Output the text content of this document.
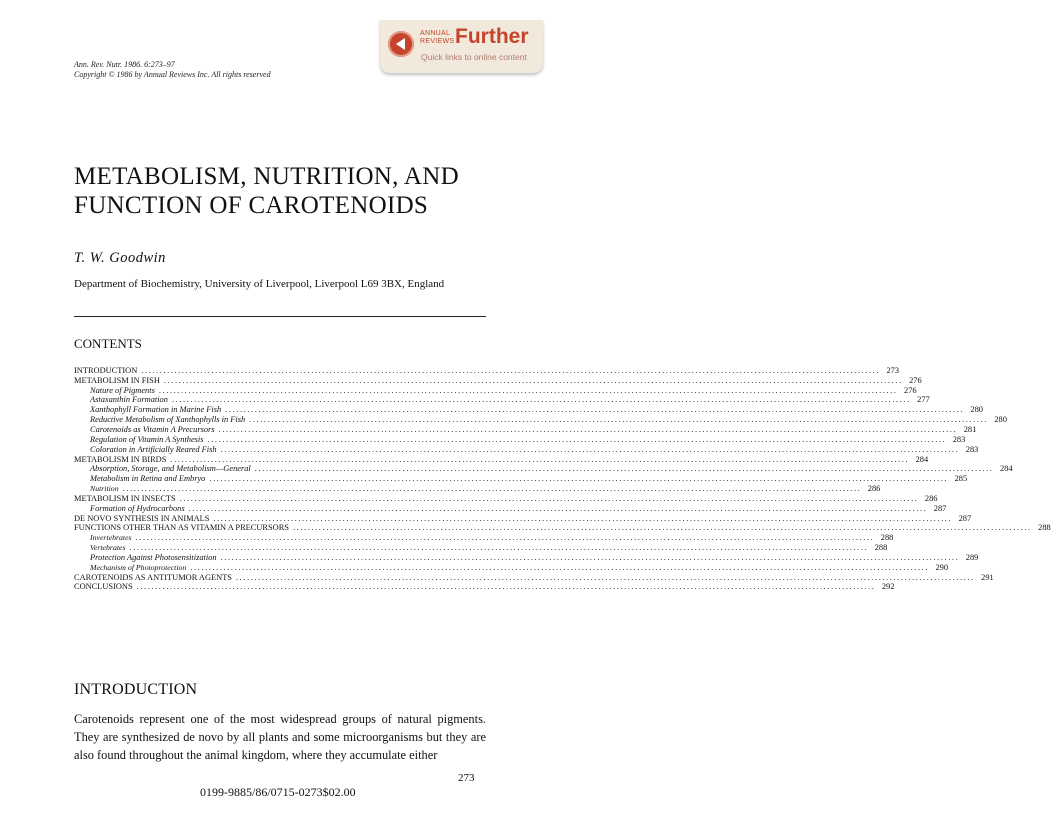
ANNUAL
REVIEWS Further
Quick links to online content
Ann. Rev. Nutr. 1986. 6:273–97
Copyright © 1986 by Annual Reviews Inc. All rights reserved
METABOLISM, NUTRITION, AND
FUNCTION OF CAROTENOIDS
T. W. Goodwin
Department of Biochemistry, University of Liverpool, Liverpool L69 3BX, England
CONTENTS
INTRODUCTION ........................................................................................................................................................................................................ 273
METABOLISM IN FISH ........................................................................................................................................................................................................ 276
Nature of Pigments ........................................................................................................................................................................................................ 276
Astaxanthin Formation ........................................................................................................................................................................................................ 277
Xanthophyll Formation in Marine Fish ........................................................................................................................................................................................................ 280
Reductive Metabolism of Xanthophylls in Fish ........................................................................................................................................................................................................ 280
Carotenoids as Vitamin A Precursors ........................................................................................................................................................................................................ 281
Regulation of Vitamin A Synthesis ........................................................................................................................................................................................................ 283
Coloration in Artificially Reared Fish ........................................................................................................................................................................................................ 283
METABOLISM IN BIRDS ........................................................................................................................................................................................................ 284
Absorption, Storage, and Metabolism—General ........................................................................................................................................................................................................ 284
Metabolism in Retina and Embryo ........................................................................................................................................................................................................ 285
Nutrition ........................................................................................................................................................................................................ 286
METABOLISM IN INSECTS ........................................................................................................................................................................................................ 286
Formation of Hydrocarbons ........................................................................................................................................................................................................ 287
DE NOVO SYNTHESIS IN ANIMALS ........................................................................................................................................................................................................ 287
FUNCTIONS OTHER THAN AS VITAMIN A PRECURSORS ........................................................................................................................................................................................................ 288
Invertebrates ........................................................................................................................................................................................................ 288
Vertebrates ........................................................................................................................................................................................................ 288
Protection Against Photosensitization ........................................................................................................................................................................................................ 289
Mechanism of Photoprotection ........................................................................................................................................................................................................ 290
CAROTENOIDS AS ANTITUMOR AGENTS ........................................................................................................................................................................................................ 291
CONCLUSIONS ........................................................................................................................................................................................................ 292
INTRODUCTION

Carotenoids represent one of the most widespread groups of natural pigments. They are synthesized de novo by all plants and some microorganisms but they are also found throughout the animal kingdom, where they accumulate either

273
0199-9885/86/0715-0273$02.00
